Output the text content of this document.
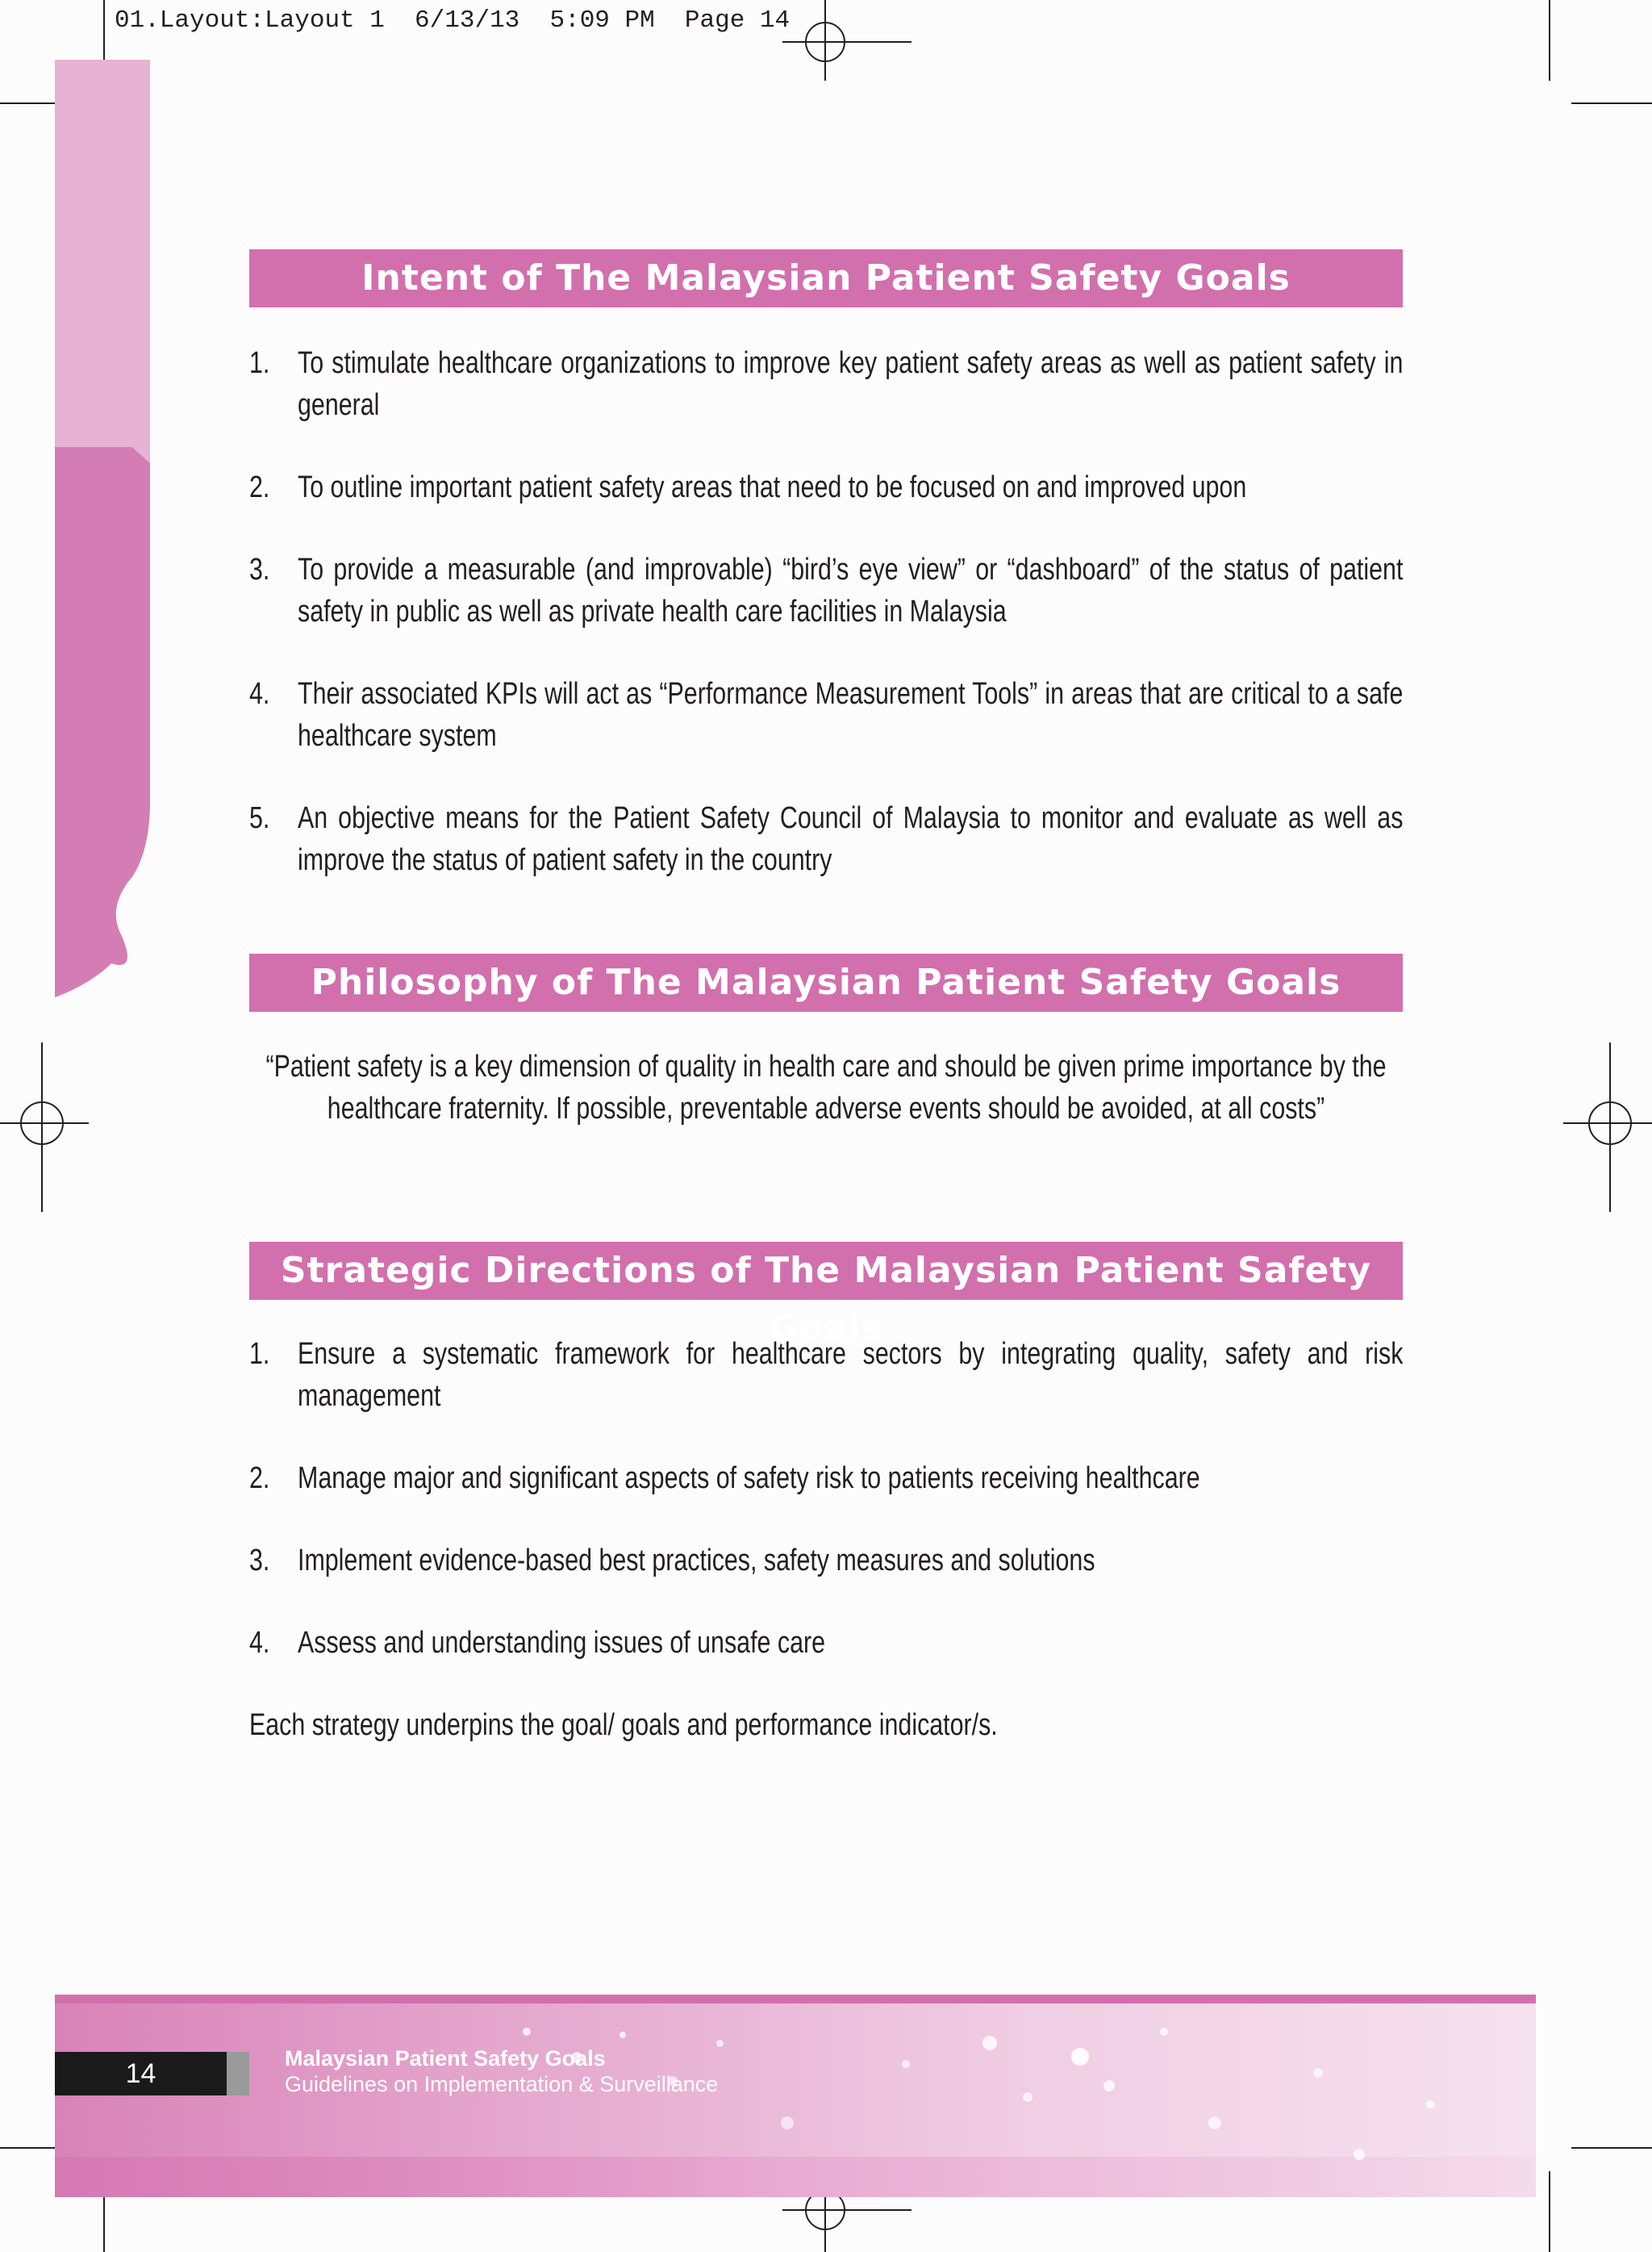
01.Layout:Layout 1  6/13/13  5:09 PM  Page 14
Intent of The Malaysian Patient Safety Goals
1. To stimulate healthcare organizations to improve key patient safety areas as well as patient safety in general
2. To outline important patient safety areas that need to be focused on and improved upon
3. To provide a measurable (and improvable) “bird’s eye view” or “dashboard” of the status of patient safety in public as well as private health care facilities in Malaysia
4. Their associated KPIs will act as “Performance Measurement Tools” in areas that are critical to a safe healthcare system
5. An objective means for the Patient Safety Council of Malaysia to monitor and evaluate as well as improve the status of patient safety in the country
Philosophy of The Malaysian Patient Safety Goals
“Patient safety is a key dimension of quality in health care and should be given prime importance by the healthcare fraternity. If possible, preventable adverse events should be avoided, at all costs”
Strategic Directions of The Malaysian Patient Safety Goals
1. Ensure a systematic framework for healthcare sectors by integrating quality, safety and risk management
2. Manage major and significant aspects of safety risk to patients receiving healthcare
3. Implement evidence-based best practices, safety measures and solutions
4. Assess and understanding issues of unsafe care
Each strategy underpins the goal/ goals and performance indicator/s.
14	Malaysian Patient Safety Goals
Guidelines on Implementation & Surveillance
